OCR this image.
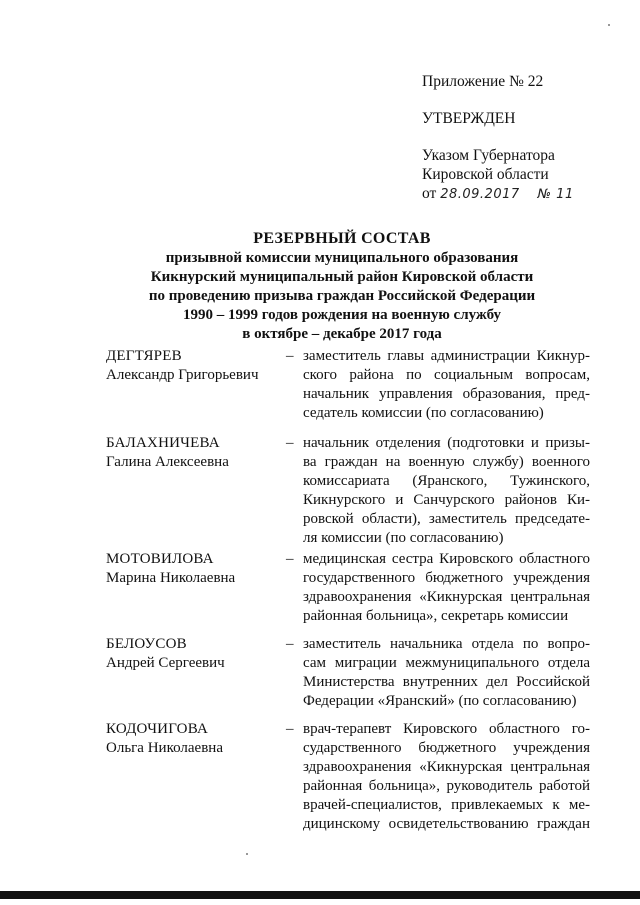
Приложение № 22
УТВЕРЖДЕН
Указом Губернатора
Кировской области
от 28.09.2017 № 11
РЕЗЕРВНЫЙ СОСТАВ
призывной комиссии муниципального образования
Кикнурский муниципальный район Кировской области
по проведению призыва граждан Российской Федерации
1990 – 1999 годов рождения на военную службу
в октябре – декабре 2017 года
ДЕГТЯРЕВ
Александр Григорьевич
– заместитель главы администрации Кикнур-
ского района по социальным вопросам,
начальник управления образования, пред-
седатель комиссии (по согласованию)
БАЛАХНИЧЕВА
Галина Алексеевна
– начальник отделения (подготовки и призы-
ва граждан на военную службу) военного
комиссариата (Яранского, Тужинского,
Кикнурского и Санчурского районов Ки-
ровской области), заместитель председате-
ля комиссии (по согласованию)
МОТОВИЛОВА
Марина Николаевна
– медицинская сестра Кировского областного
государственного бюджетного учреждения
здравоохранения «Кикнурская центральная
районная больница», секретарь комиссии
БЕЛОУСОВ
Андрей Сергеевич
– заместитель начальника отдела по вопро-
сам миграции межмуниципального отдела
Министерства внутренних дел Российской
Федерации «Яранский» (по согласованию)
КОДОЧИГОВА
Ольга Николаевна
– врач-терапевт Кировского областного го-
сударственного бюджетного учреждения
здравоохранения «Кикнурская центральная
районная больница», руководитель работой
врачей-специалистов, привлекаемых к ме-
дицинскому освидетельствованию граждан
